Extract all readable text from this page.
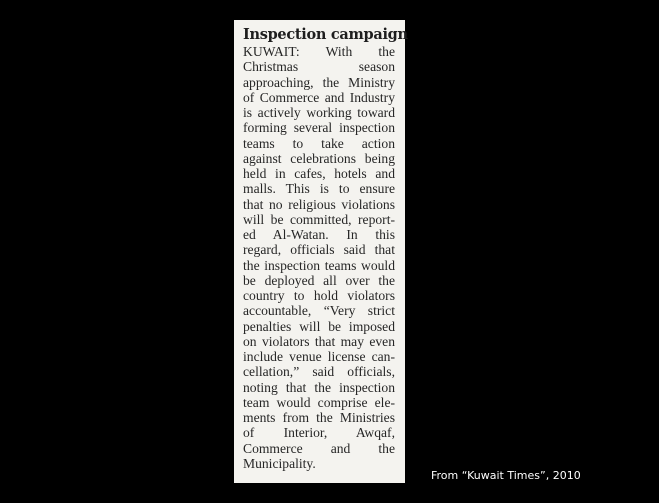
Inspection campaign
KUWAIT: With the
Christmas season
approaching, the Ministry
of Commerce and Industry
is actively working toward
forming several inspection
teams to take action
against celebrations being
held in cafes, hotels and
malls. This is to ensure
that no religious violations
will be committed, report-
ed Al-Watan. In this
regard, officials said that
the inspection teams would
be deployed all over the
country to hold violators
accountable, “Very strict
penalties will be imposed
on violators that may even
include venue license can-
cellation,” said officials,
noting that the inspection
team would comprise ele-
ments from the Ministries
of Interior, Awqaf,
Commerce and the
Municipality.
From “Kuwait Times”, 2010
